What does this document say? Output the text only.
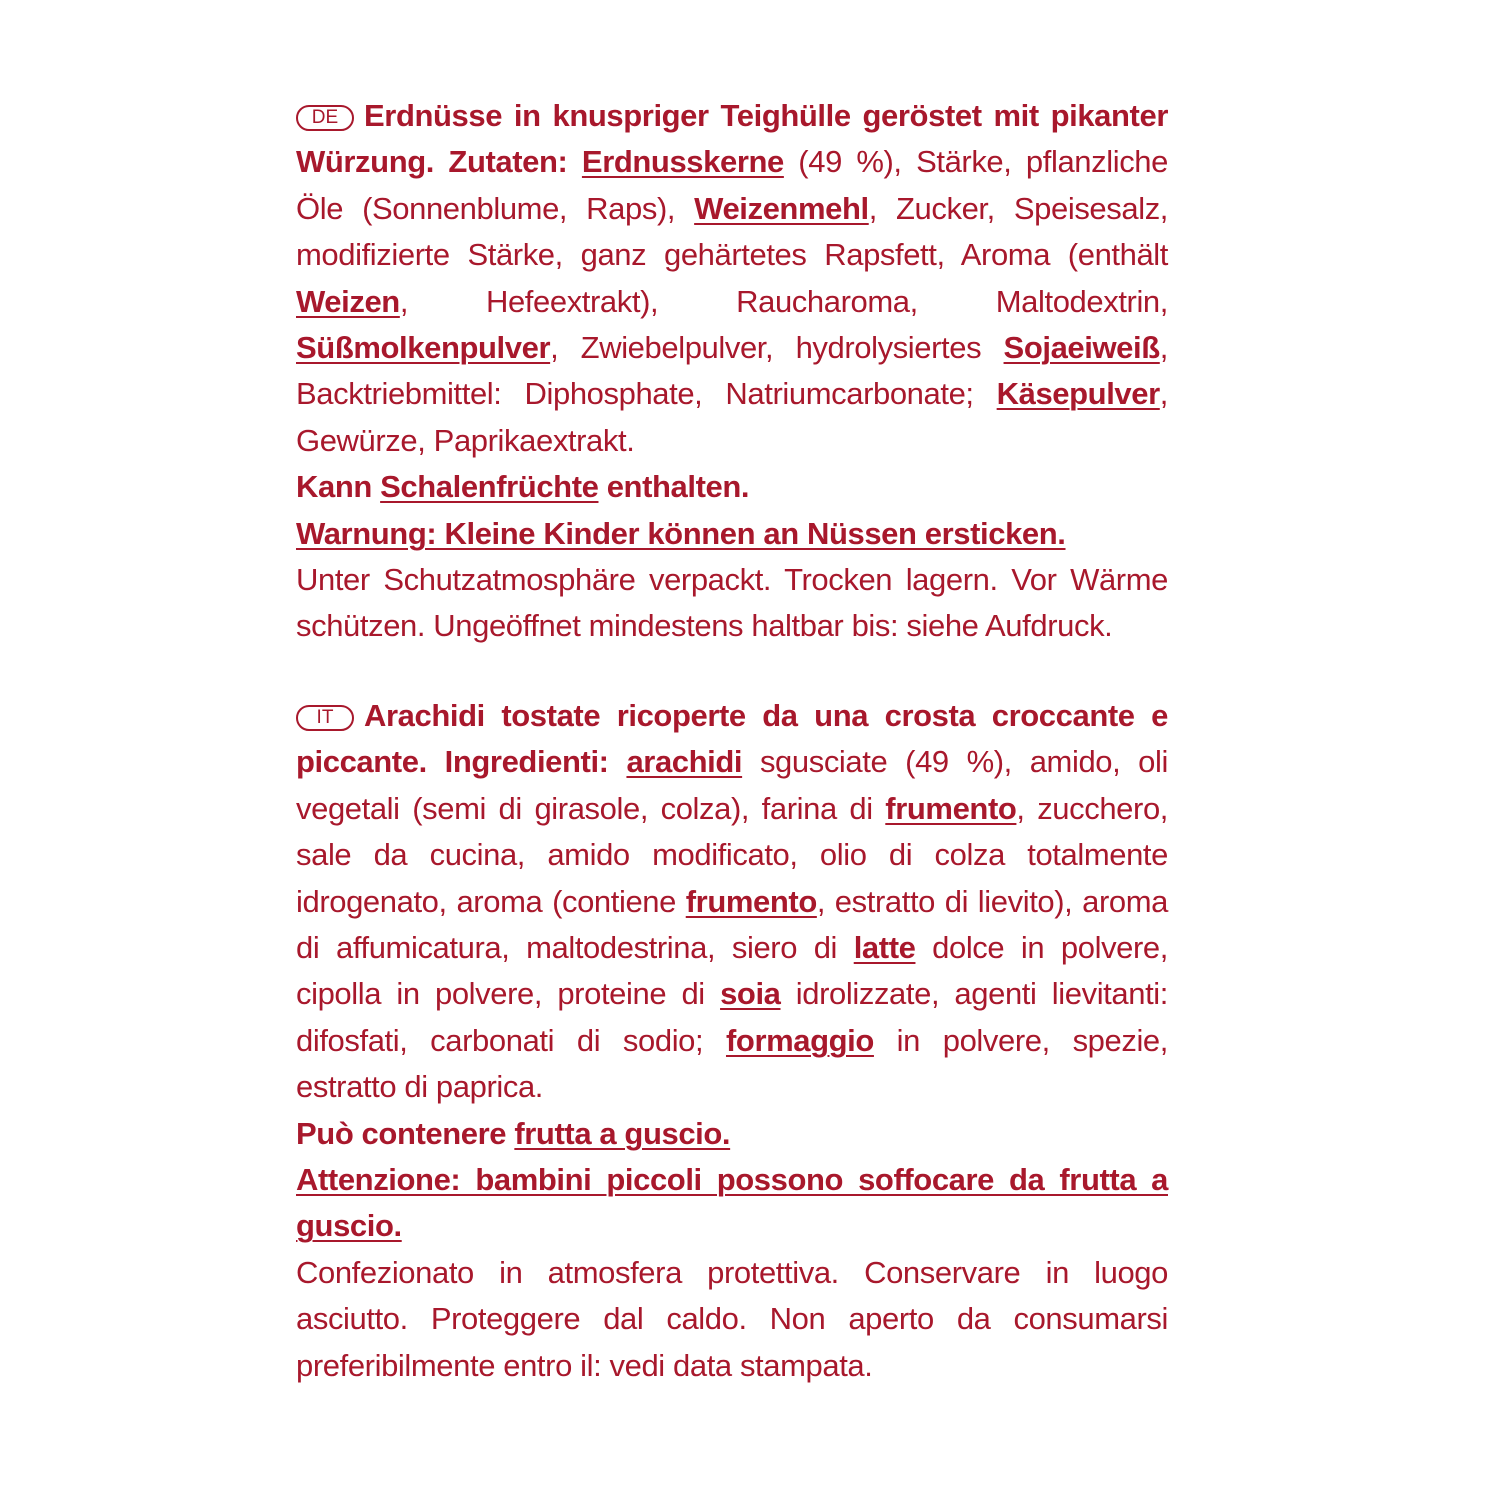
DE Erdnüsse in knuspriger Teighülle geröstet mit pikanter Würzung. Zutaten: Erdnusskerne (49 %), Stärke, pflanzliche Öle (Sonnenblume, Raps), Weizenmehl, Zucker, Speisesalz, modifizierte Stärke, ganz gehärtetes Rapsfett, Aroma (enthält Weizen, Hefeextrakt), Raucharoma, Maltodextrin, Süßmolkenpulver, Zwiebelpulver, hydrolysiertes Sojaeiweiß, Backtriebmittel: Diphosphate, Natriumcarbonate; Käsepulver, Gewürze, Paprikaextrakt.

Kann Schalenfrüchte enthalten.

Warnung: Kleine Kinder können an Nüssen ersticken.

Unter Schutzatmosphäre verpackt. Trocken lagern. Vor Wärme schützen. Ungeöffnet mindestens haltbar bis: siehe Aufdruck.

IT Arachidi tostate ricoperte da una crosta croccante e piccante. Ingredienti: arachidi sgusciate (49 %), amido, oli vegetali (semi di girasole, colza), farina di frumento, zucchero, sale da cucina, amido modificato, olio di colza totalmente idrogenato, aroma (contiene frumento, estratto di lievito), aroma di affumicatura, maltodestrina, siero di latte dolce in polvere, cipolla in polvere, proteine di soia idrolizzate, agenti lievitanti: difosfati, carbonati di sodio; formaggio in polvere, spezie, estratto di paprica.

Può contenere frutta a guscio.

Attenzione: bambini piccoli possono soffocare da frutta a guscio.

Confezionato in atmosfera protettiva. Conservare in luogo asciutto. Proteggere dal caldo. Non aperto da consumarsi preferibilmente entro il: vedi data stampata.
